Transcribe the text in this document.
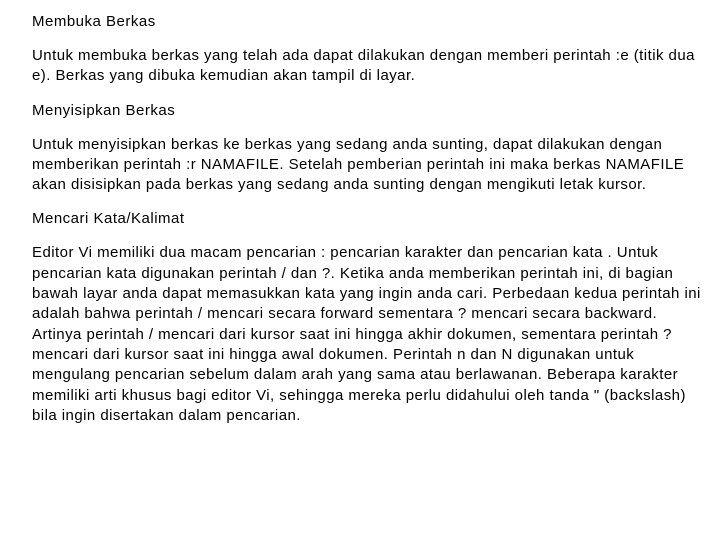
Membuka Berkas

Untuk membuka berkas yang telah ada dapat dilakukan dengan memberi perintah :e (titik dua e). Berkas yang dibuka kemudian akan tampil di layar.

Menyisipkan Berkas

Untuk menyisipkan berkas ke berkas yang sedang anda sunting, dapat dilakukan dengan memberikan perintah :r NAMAFILE. Setelah pemberian perintah ini maka berkas NAMAFILE akan disisipkan pada berkas yang sedang anda sunting dengan mengikuti letak kursor.

Mencari Kata/Kalimat

Editor Vi memiliki dua macam pencarian : pencarian karakter dan pencarian kata . Untuk pencarian kata digunakan perintah / dan ?. Ketika anda memberikan perintah ini, di bagian bawah layar anda dapat memasukkan kata yang ingin anda cari. Perbedaan kedua perintah ini adalah bahwa perintah / mencari secara forward sementara ? mencari secara backward. Artinya perintah / mencari dari kursor saat ini hingga akhir dokumen, sementara perintah ? mencari dari kursor saat ini hingga awal dokumen. Perintah n dan N digunakan untuk mengulang pencarian sebelum dalam arah yang sama atau berlawanan. Beberapa karakter memiliki arti khusus bagi editor Vi, sehingga mereka perlu didahului oleh tanda " (backslash) bila ingin disertakan dalam pencarian.
